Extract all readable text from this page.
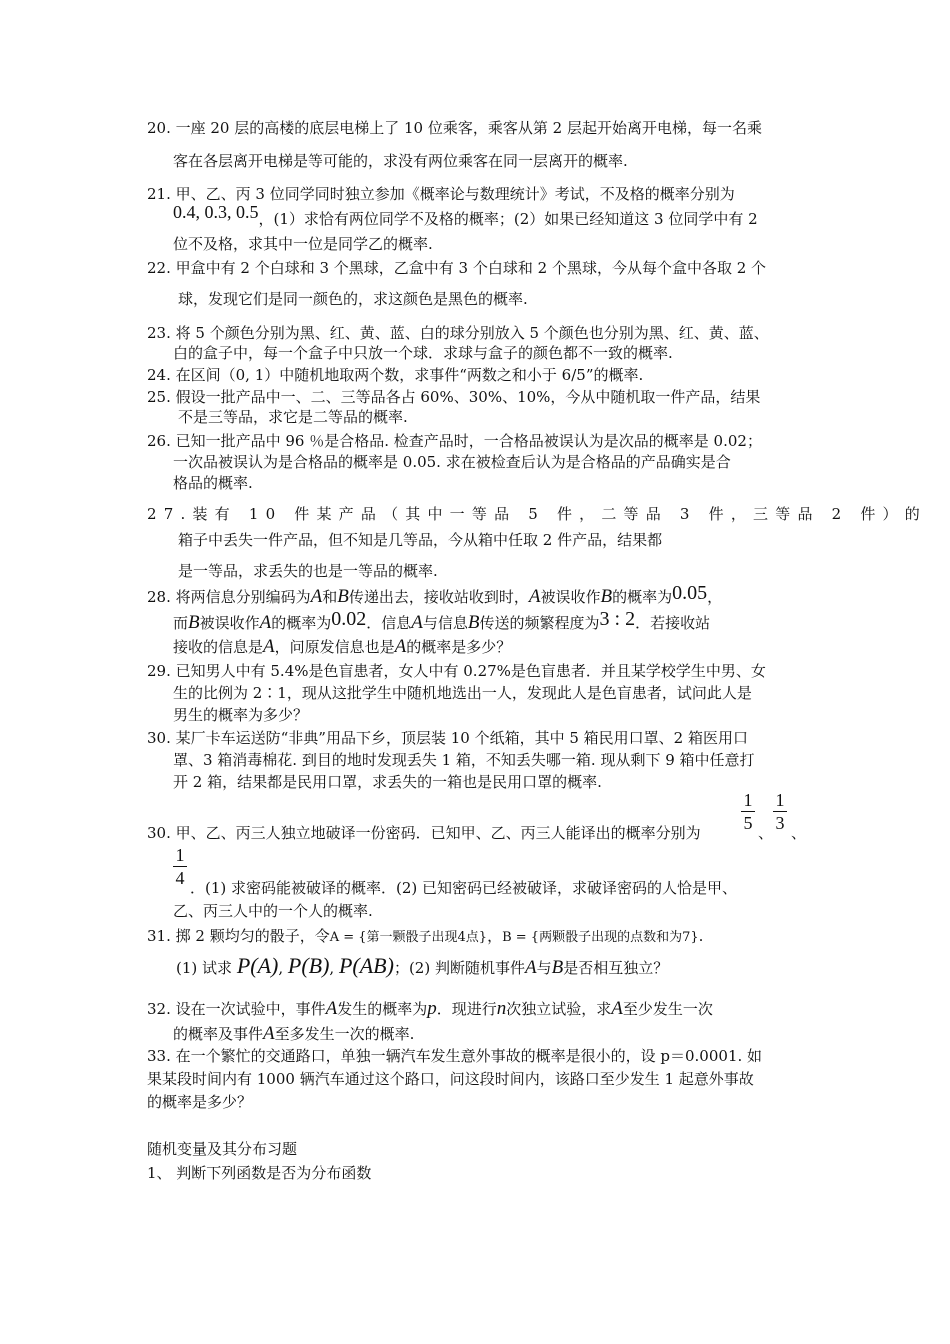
20. 一座 20 层的高楼的底层电梯上了 10 位乘客，乘客从第 2 层起开始离开电梯，每一名乘
客在各层离开电梯是等可能的，求没有两位乘客在同一层离开的概率.
21. 甲、乙、丙 3 位同学同时独立参加《概率论与数理统计》考试，不及格的概率分别为
0.4, 0.3, 0.5，(1）求恰有两位同学不及格的概率；(2）如果已经知道这 3 位同学中有 2
位不及格，求其中一位是同学乙的概率.
22. 甲盒中有 2 个白球和 3 个黑球，乙盒中有 3 个白球和 2 个黑球，今从每个盒中各取 2 个
球，发现它们是同一颜色的，求这颜色是黑色的概率.
23. 将 5 个颜色分别为黑、红、黄、蓝、白的球分别放入 5 个颜色也分别为黑、红、黄、蓝、
白的盒子中，每一个盒子中只放一个球．求球与盒子的颜色都不一致的概率.
24. 在区间（0, 1）中随机地取两个数，求事件“两数之和小于 6/5”的概率.
25. 假设一批产品中一、二、三等品各占 60%、30%、10%，今从中随机取一件产品，结果
不是三等品，求它是二等品的概率.
26. 已知一批产品中 96 ％是合格品. 检查产品时，一合格品被误认为是次品的概率是 0.02；
一次品被误认为是合格品的概率是 0.05. 求在被检查后认为是合格品的产品确实是合
格品的概率.
27.装有 10 件某产品（其中一等品 5 件，二等品 3 件，三等品 2 件）的
箱子中丢失一件产品，但不知是几等品，今从箱中任取 2 件产品，结果都
是一等品，求丢失的也是一等品的概率.
28. 将两信息分别编码为A和B传递出去，接收站收到时，A被误收作B的概率为0.05，
而B被误收作A的概率为0.02．信息A与信息B传送的频繁程度为3 : 2．若接收站
接收的信息是A，问原发信息也是A的概率是多少？
29. 已知男人中有 5.4%是色盲患者，女人中有 0.27%是色盲患者．并且某学校学生中男、女
生的比例为 2∶1，现从这批学生中随机地选出一人，发现此人是色盲患者，试问此人是
男生的概率为多少？
30. 某厂卡车运送防“非典”用品下乡，顶层装 10 个纸箱，其中 5 箱民用口罩、2 箱医用口
罩、3 箱消毒棉花. 到目的地时发现丢失 1 箱，不知丢失哪一箱. 现从剩下 9 箱中任意打
开 2 箱，结果都是民用口罩，求丢失的一箱也是民用口罩的概率.
1
5
1
3
30. 甲、乙、丙三人独立地破译一份密码．已知甲、乙、丙三人能译出的概率分别为	、 、
1
4 ．(1) 求密码能被破译的概率．(2) 已知密码已经被破译，求破译密码的人恰是甲、
乙、丙三人中的一个人的概率.
31. 掷 2 颗均匀的骰子，令A = {第一颗骰子出现4点}，B = {两颗骰子出现的点数和为7}.
(1) 试求 P(A), P(B), P(AB)；(2) 判断随机事件A与B是否相互独立？
32. 设在一次试验中，事件A发生的概率为p．现进行n次独立试验，求A至少发生一次
的概率及事件A至多发生一次的概率.
33. 在一个繁忙的交通路口，单独一辆汽车发生意外事故的概率是很小的，设 p＝0.0001. 如
果某段时间内有 1000 辆汽车通过这个路口，问这段时间内，该路口至少发生 1 起意外事故
的概率是多少？
随机变量及其分布习题
1、 判断下列函数是否为分布函数
